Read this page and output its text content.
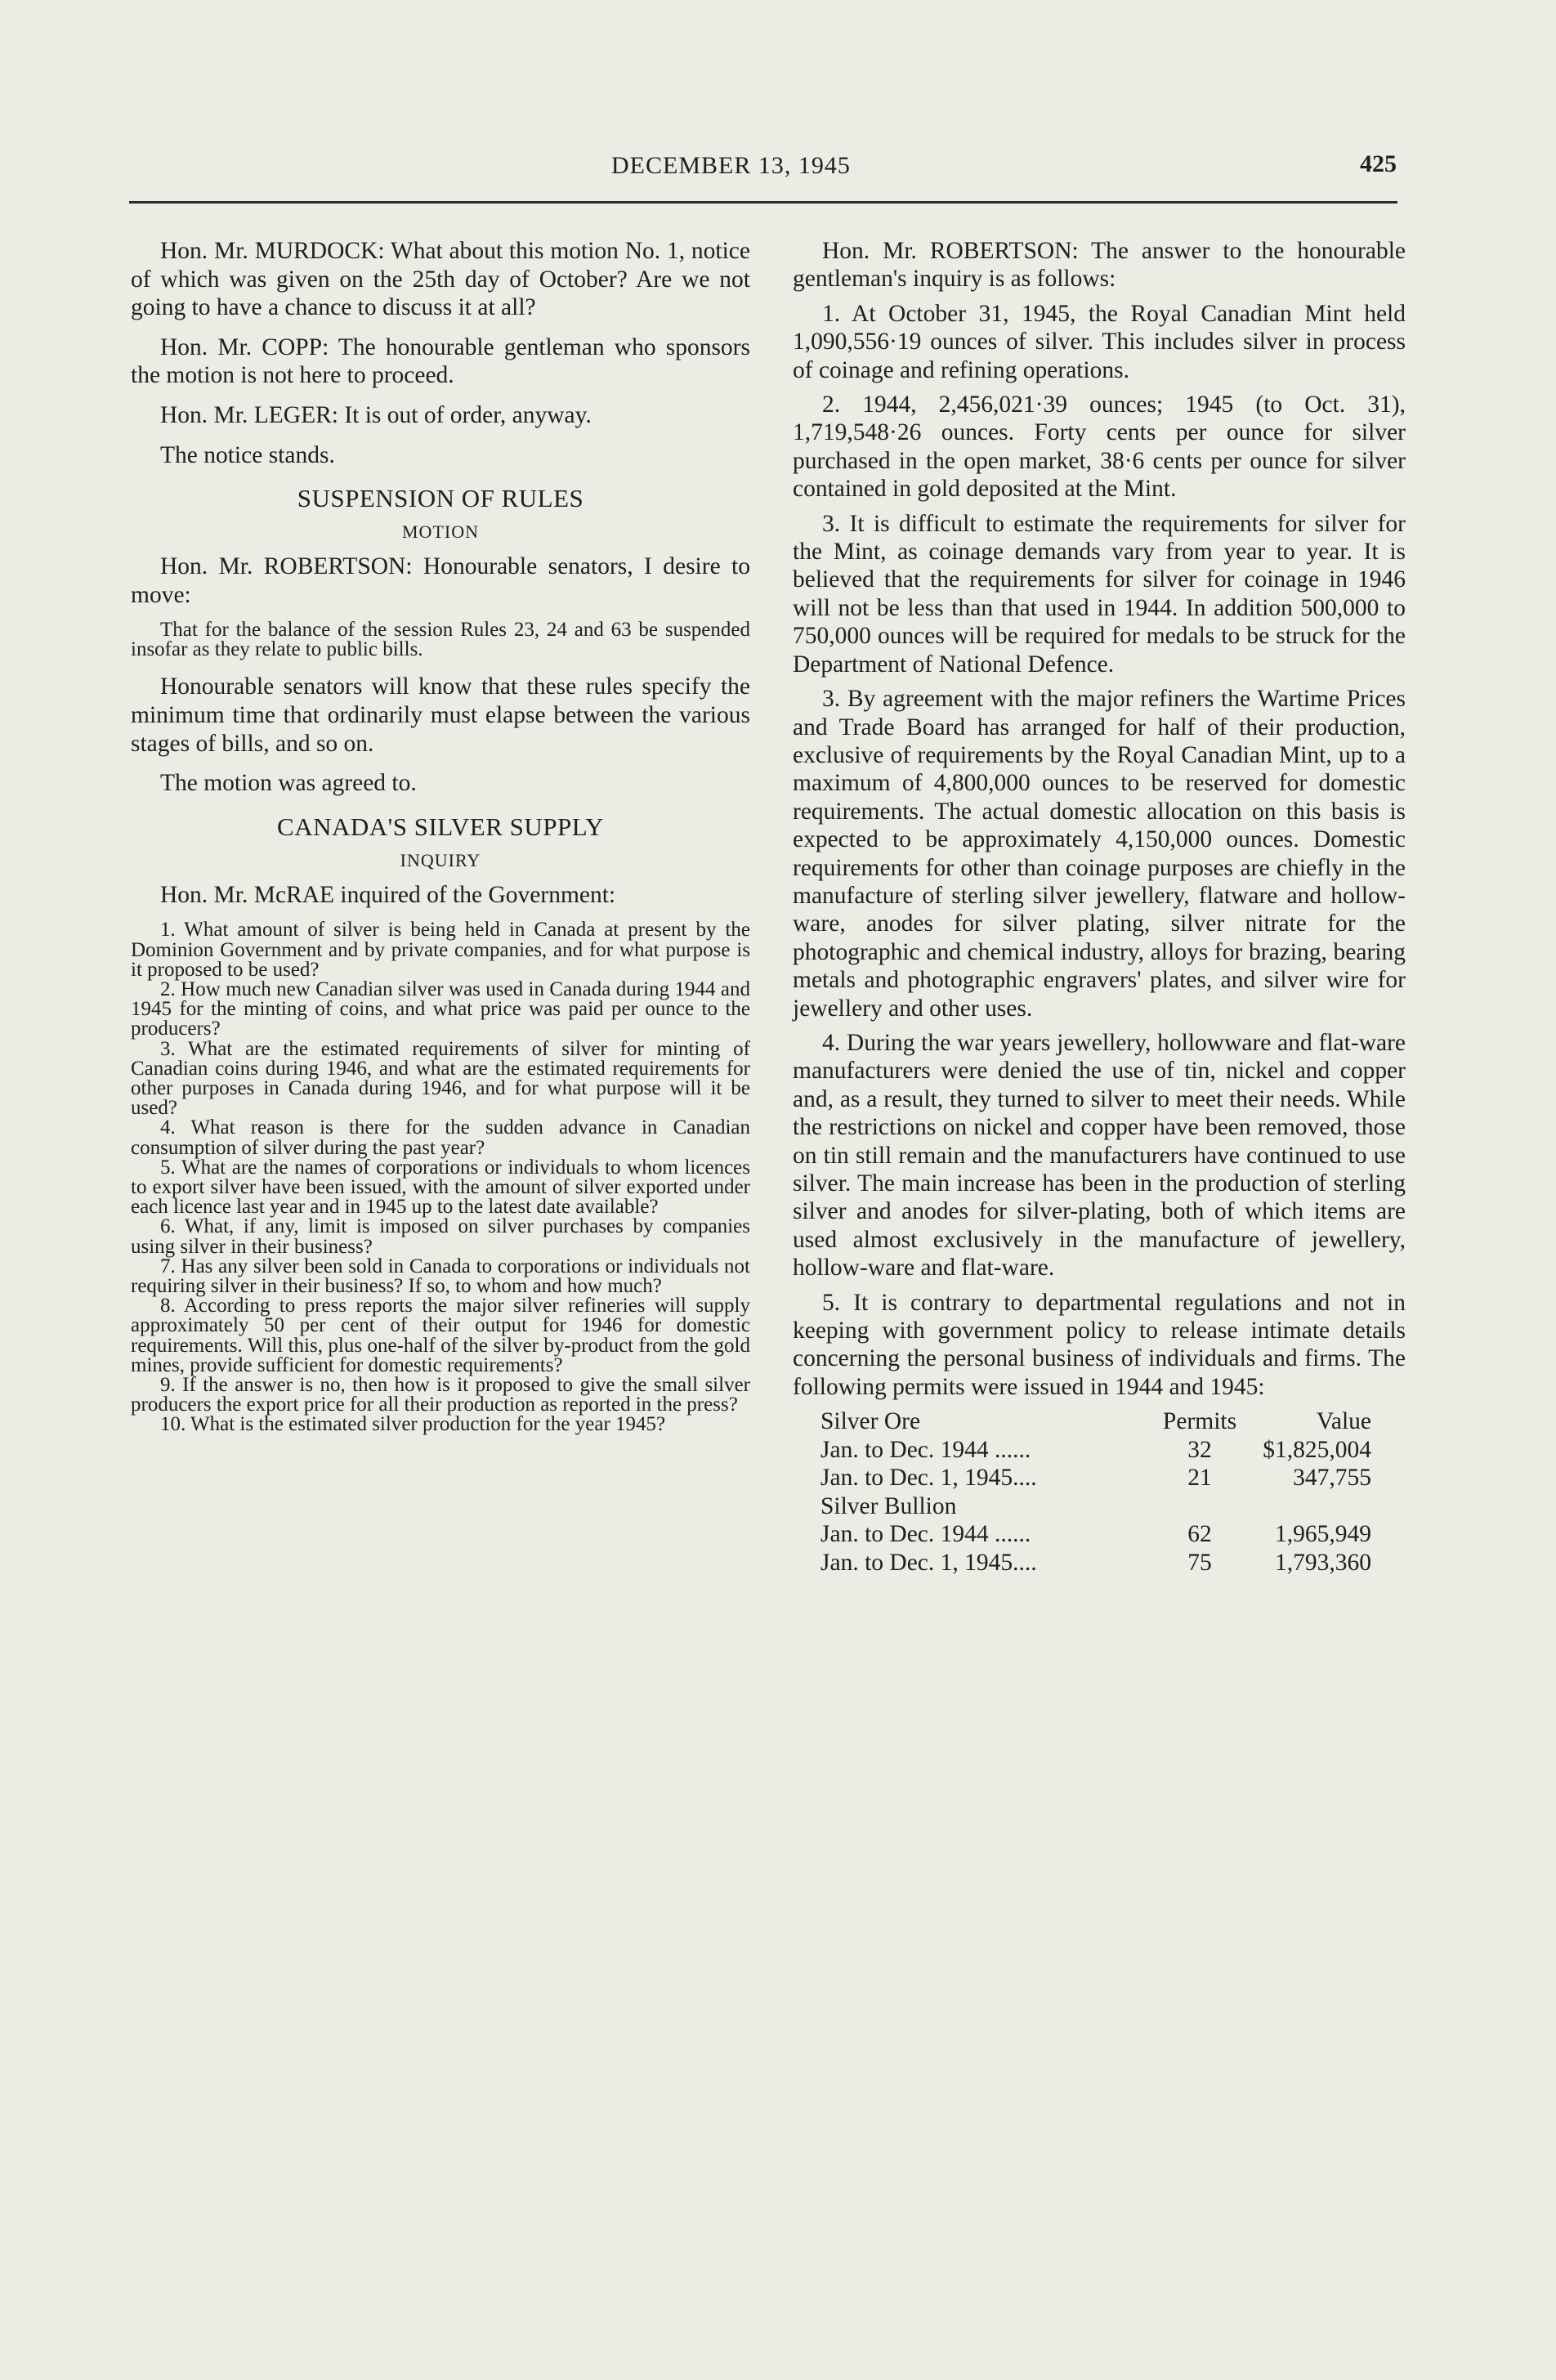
DECEMBER 13, 1945	425

Hon. Mr. MURDOCK: What about this motion No. 1, notice of which was given on the 25th day of October? Are we not going to have a chance to discuss it at all?

Hon. Mr. COPP: The honourable gentleman who sponsors the motion is not here to proceed.

Hon. Mr. LEGER: It is out of order, anyway.

The notice stands.

SUSPENSION OF RULES
MOTION

Hon. Mr. ROBERTSON: Honourable senators, I desire to move:

That for the balance of the session Rules 23, 24 and 63 be suspended insofar as they relate to public bills.

Honourable senators will know that these rules specify the minimum time that ordinarily must elapse between the various stages of bills, and so on.

The motion was agreed to.

CANADA'S SILVER SUPPLY
INQUIRY

Hon. Mr. McRAE inquired of the Government:

1. What amount of silver is being held in Canada at present by the Dominion Government and by private companies, and for what purpose is it proposed to be used?
2. How much new Canadian silver was used in Canada during 1944 and 1945 for the minting of coins, and what price was paid per ounce to the producers?
3. What are the estimated requirements of silver for minting of Canadian coins during 1946, and what are the estimated requirements for other purposes in Canada during 1946, and for what purpose will it be used?
4. What reason is there for the sudden advance in Canadian consumption of silver during the past year?
5. What are the names of corporations or individuals to whom licences to export silver have been issued, with the amount of silver exported under each licence last year and in 1945 up to the latest date available?
6. What, if any, limit is imposed on silver purchases by companies using silver in their business?
7. Has any silver been sold in Canada to corporations or individuals not requiring silver in their business? If so, to whom and how much?
8. According to press reports the major silver refineries will supply approximately 50 per cent of their output for 1946 for domestic requirements. Will this, plus one-half of the silver by-product from the gold mines, provide sufficient for domestic requirements?
9. If the answer is no, then how is it proposed to give the small silver producers the export price for all their production as reported in the press?
10. What is the estimated silver production for the year 1945?

Hon. Mr. ROBERTSON: The answer to the honourable gentleman's inquiry is as follows:

1. At October 31, 1945, the Royal Canadian Mint held 1,090,556·19 ounces of silver. This includes silver in process of coinage and refining operations.

2. 1944, 2,456,021·39 ounces; 1945 (to Oct. 31), 1,719,548·26 ounces. Forty cents per ounce for silver purchased in the open market, 38·6 cents per ounce for silver contained in gold deposited at the Mint.

3. It is difficult to estimate the requirements for silver for the Mint, as coinage demands vary from year to year. It is believed that the requirements for silver for coinage in 1946 will not be less than that used in 1944. In addition 500,000 to 750,000 ounces will be required for medals to be struck for the Department of National Defence.

3. By agreement with the major refiners the Wartime Prices and Trade Board has arranged for half of their production, exclusive of requirements by the Royal Canadian Mint, up to a maximum of 4,800,000 ounces to be reserved for domestic requirements. The actual domestic allocation on this basis is expected to be approximately 4,150,000 ounces. Domestic requirements for other than coinage purposes are chiefly in the manufacture of sterling silver jewellery, flatware and hollow-ware, anodes for silver plating, silver nitrate for the photographic and chemical industry, alloys for brazing, bearing metals and photographic engravers' plates, and silver wire for jewellery and other uses.

4. During the war years jewellery, hollowware and flat-ware manufacturers were denied the use of tin, nickel and copper and, as a result, they turned to silver to meet their needs. While the restrictions on nickel and copper have been removed, those on tin still remain and the manufacturers have continued to use silver. The main increase has been in the production of sterling silver and anodes for silver-plating, both of which items are used almost exclusively in the manufacture of jewellery, hollow-ware and flat-ware.

5. It is contrary to departmental regulations and not in keeping with government policy to release intimate details concerning the personal business of individuals and firms. The following permits were issued in 1944 and 1945:

Silver Ore	Permits	Value
Jan. to Dec. 1944 ......	32	$1,825,004
Jan. to Dec. 1, 1945....	21	347,755
Silver Bullion		
Jan. to Dec. 1944 ......	62	1,965,949
Jan. to Dec. 1, 1945....	75	1,793,360
